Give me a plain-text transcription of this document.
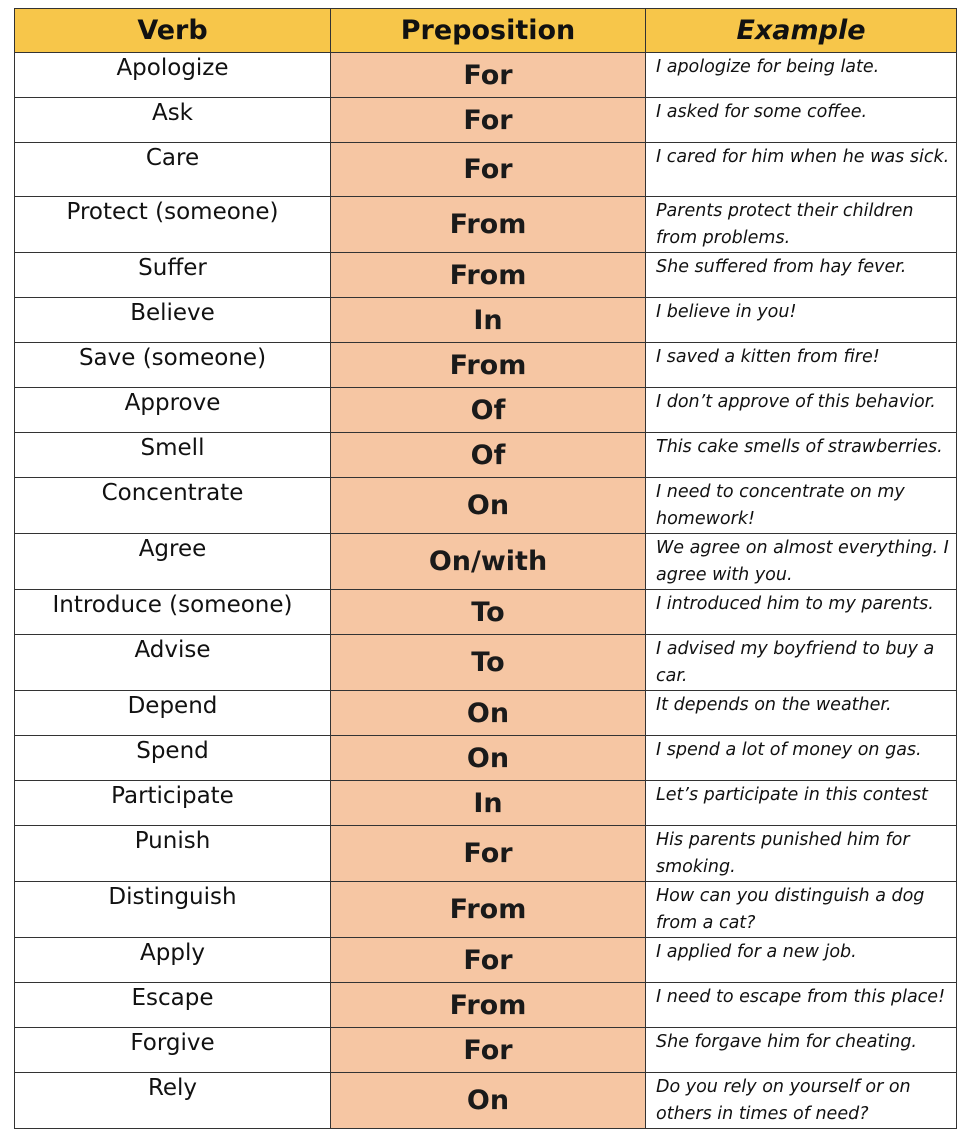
Verb	Preposition	Example
Apologize	For	I apologize for being late.
Ask	For	I asked for some coffee.
Care	For	I cared for him when he was sick.
Protect (someone)	From	Parents protect their children from problems.
Suffer	From	She suffered from hay fever.
Believe	In	I believe in you!
Save (someone)	From	I saved a kitten from fire!
Approve	Of	I don’t approve of this behavior.
Smell	Of	This cake smells of strawberries.
Concentrate	On	I need to concentrate on my homework!
Agree	On/with	We agree on almost everything. I agree with you.
Introduce (someone)	To	I introduced him to my parents.
Advise	To	I advised my boyfriend to buy a car.
Depend	On	It depends on the weather.
Spend	On	I spend a lot of money on gas.
Participate	In	Let’s participate in this contest
Punish	For	His parents punished him for smoking.
Distinguish	From	How can you distinguish a dog from a cat?
Apply	For	I applied for a new job.
Escape	From	I need to escape from this place!
Forgive	For	She forgave him for cheating.
Rely	On	Do you rely on yourself or on others in times of need?
